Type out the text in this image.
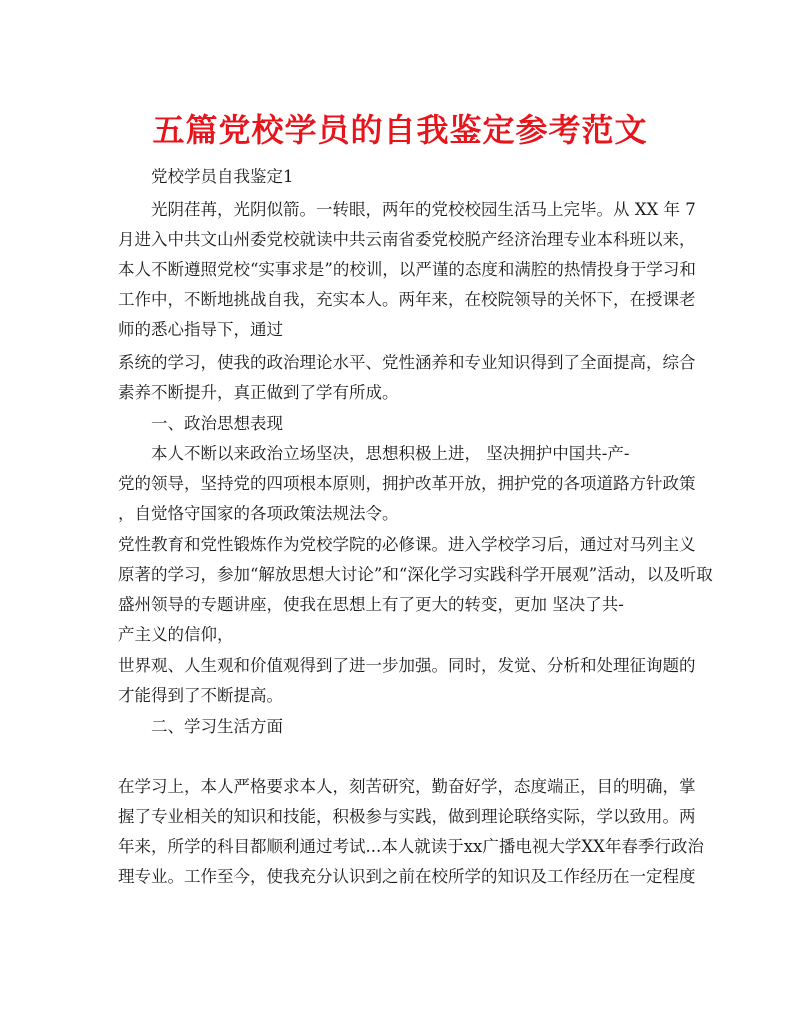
五篇党校学员的自我鉴定参考范文

党校学员自我鉴定1

光阴荏苒，光阴似箭。一转眼，两年的党校校园生活马上完毕。从 XX 年 7

月进入中共文山州委党校就读中共云南省委党校脱产经济治理专业本科班以来，

本人不断遵照党校“实事求是”的校训，以严谨的态度和满腔的热情投身于学习和

工作中，不断地挑战自我，充实本人。两年来，在校院领导的关怀下，在授课老

师的悉心指导下，通过

系统的学习，使我的政治理论水平、党性涵养和专业知识得到了全面提高，综合

素养不断提升，真正做到了学有所成。

一、政治思想表现

本人不断以来政治立场坚决，思想积极上进， 坚决拥护中国共-产-

党的领导，坚持党的四项根本原则，拥护改革开放，拥护党的各项道路方针政策

，自觉恪守国家的各项政策法规法令。

党性教育和党性锻炼作为党校学院的必修课。进入学校学习后，通过对马列主义

原著的学习，参加“解放思想大讨论”和“深化学习实践科学开展观”活动，以及听取

盛州领导的专题讲座，使我在思想上有了更大的转变，更加 坚决了共-

产主义的信仰，

世界观、人生观和价值观得到了进一步加强。同时，发觉、分析和处理征询题的

才能得到了不断提高。

二、学习生活方面

在学习上，本人严格要求本人，刻苦研究，勤奋好学，态度端正，目的明确，掌

握了专业相关的知识和技能，积极参与实践，做到理论联络实际，学以致用。两

年来，所学的科目都顺利通过考试...本人就读于xx广播电视大学XX年春季行政治

理专业。工作至今，使我充分认识到之前在校所学的知识及工作经历在一定程度
